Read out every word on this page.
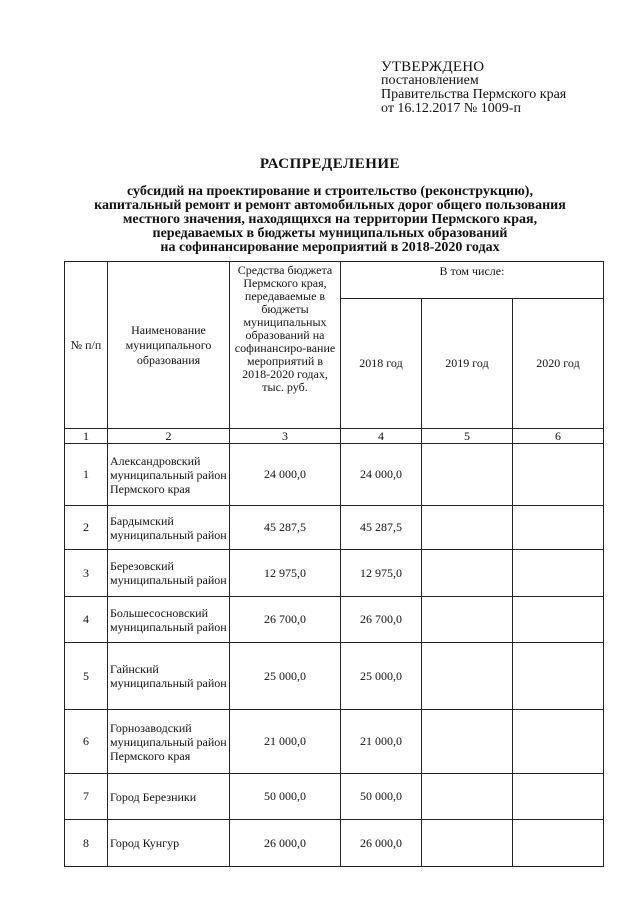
УТВЕРЖДЕНО
постановлением
Правительства Пермского края
от 16.12.2017 № 1009-п
РАСПРЕДЕЛЕНИЕ
субсидий на проектирование и строительство (реконструкцию),
капитальный ремонт и ремонт автомобильных дорог общего пользования
местного значения, находящихся на территории Пермского края,
передаваемых в бюджеты муниципальных образований
на софинансирование мероприятий в 2018-2020 годах
№ п/п	Наименование муниципального образования	Средства бюджета Пермского края, передаваемые в бюджеты муниципальных образований на софинансиро-вание мероприятий в 2018-2020 годах, тыс. руб.	В том числе:		
			2018 год	2019 год	2020 год
1	2	3	4	5	6
1	Александровский муниципальный район Пермского края	24 000,0	24 000,0		
2	Бардымский муниципальный район	45 287,5	45 287,5		
3	Березовский муниципальный район	12 975,0	12 975,0		
4	Большесосновский муниципальный район	26 700,0	26 700,0		
5	Гайнский муниципальный район	25 000,0	25 000,0		
6	Горнозаводский муниципальный район Пермского края	21 000,0	21 000,0		
7	Город Березники	50 000,0	50 000,0		
8	Город Кунгур	26 000,0	26 000,0		
